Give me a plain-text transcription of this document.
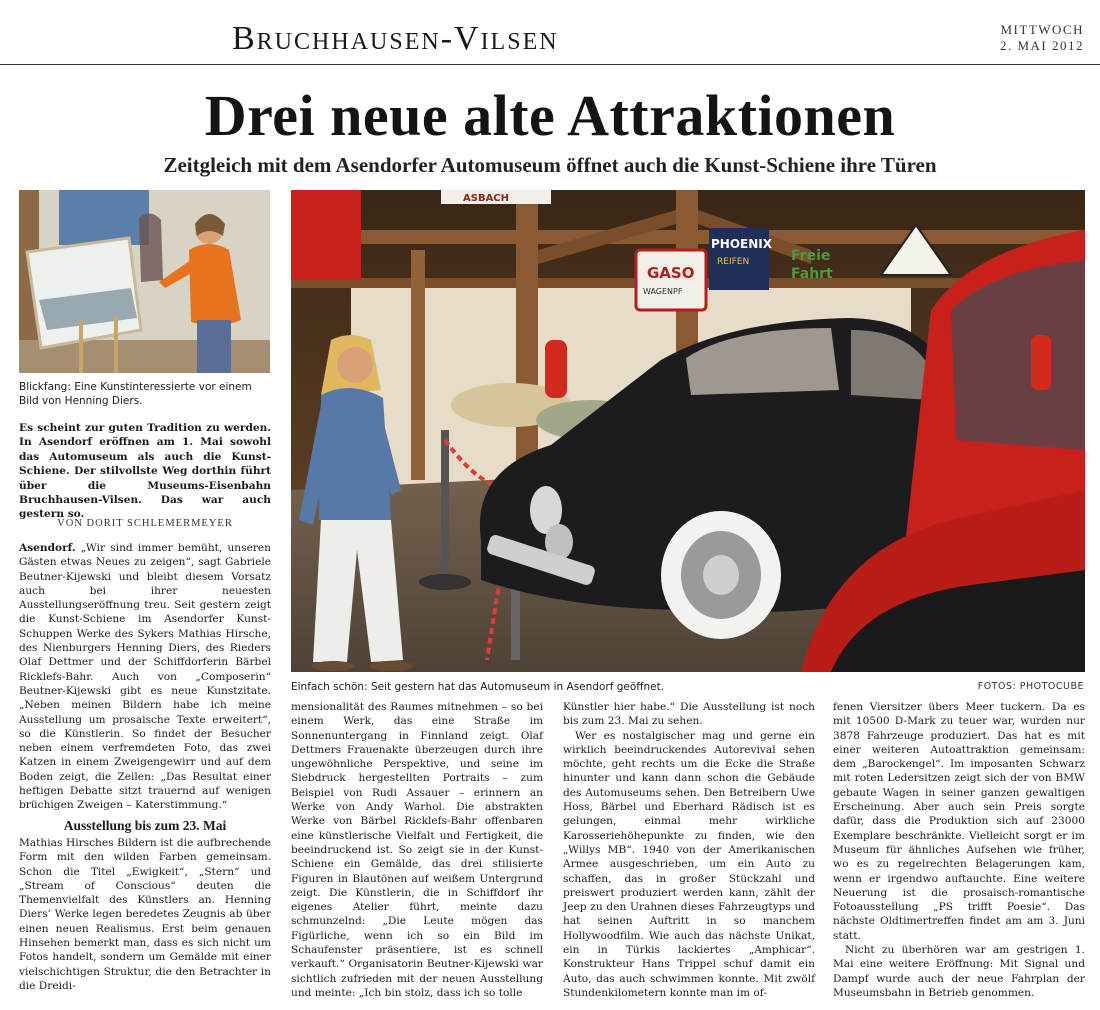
Bruchhausen-Vilsen	MITTWOCH
2. MAI 2012
Drei neue alte Attraktionen
Zeitgleich mit dem Asendorfer Automuseum öffnet auch die Kunst-Schiene ihre Türen
Blickfang: Eine Kunstinteressierte vor einem Bild von Henning Diers.
GASO
WAGENPF
PHOENIX
REIFEN	Freie
Fahrt
ASBACH
Einfach schön: Seit gestern hat das Automuseum in Asendorf geöffnet.	FOTOS: PHOTOCUBE
Es scheint zur guten Tradition zu werden. In Asendorf eröffnen am 1. Mai sowohl das Automuseum als auch die Kunst-Schiene. Der stilvollste Weg dorthin führt über die Museums-Eisenbahn Bruchhausen-Vilsen. Das war auch gestern so.
VON DORIT SCHLEMERMEYER

Asendorf. „Wir sind immer bemüht, unseren Gästen etwas Neues zu zeigen“, sagt Gabriele Beutner-Kijewski und bleibt diesem Vorsatz auch bei ihrer neuesten Ausstellungseröffnung treu. Seit gestern zeigt die Kunst-Schiene im Asendorfer Kunst-Schuppen Werke des Sykers Mathias Hirsche, des Nienburgers Henning Diers, des Rieders Olaf Dettmer und der Schiffdorferin Bärbel Ricklefs-Bahr. Auch von „Composerin“ Beutner-Kijewski gibt es neue Kunstzitate. „Neben meinen Bildern habe ich meine Ausstellung um prosaische Texte erweitert“, so die Künstlerin. So findet der Besucher neben einem verfremdeten Foto, das zwei Katzen in einem Zweigengewirr und auf dem Boden zeigt, die Zeilen: „Das Resultat einer heftigen Debatte sitzt trauernd auf wenigen brüchigen Zweigen – Katerstimmung.“

Ausstellung bis zum 23. Mai

Mathias Hirsches Bildern ist die aufbrechende Form mit den wilden Farben gemeinsam. Schon die Titel „Ewigkeit“, „Stern“ und „Stream of Conscious“ deuten die Themenvielfalt des Künstlers an. Henning Diers’ Werke legen beredetes Zeugnis ab über einen neuen Realismus. Erst beim genauen Hinsehen bemerkt man, dass es sich nicht um Fotos handelt, sondern um Gemälde mit einer vielschichtigen Struktur, die den Betrachter in die Dreidi-

mensionalität des Raumes mitnehmen – so bei einem Werk, das eine Straße im Sonnenuntergang in Finnland zeigt. Olaf Dettmers Frauenakte überzeugen durch ihre ungewöhnliche Perspektive, und seine im Siebdruck hergestellten Portraits – zum Beispiel von Rudi Assauer – erinnern an Werke von Andy Warhol. Die abstrakten Werke von Bärbel Ricklefs-Bahr offenbaren eine künstlerische Vielfalt und Fertigkeit, die beeindruckend ist. So zeigt sie in der Kunst-Schiene ein Gemälde, das drei stilisierte Figuren in Blautönen auf weißem Untergrund zeigt. Die Künstlerin, die in Schiffdorf ihr eigenes Atelier führt, meinte dazu schmunzelnd: „Die Leute mögen das Figürliche, wenn ich so ein Bild im Schaufenster präsentiere, ist es schnell verkauft.“ Organisatorin Beutner-Kijewski war sichtlich zufrieden mit der neuen Ausstellung und meinte: „Ich bin stolz, dass ich so tolle

Künstler hier habe.“ Die Ausstellung ist noch bis zum 23. Mai zu sehen.

Wer es nostalgischer mag und gerne ein wirklich beeindruckendes Autorevival sehen möchte, geht rechts um die Ecke die Straße hinunter und kann dann schon die Gebäude des Automuseums sehen. Den Betreibern Uwe Hoss, Bärbel und Eberhard Rädisch ist es gelungen, einmal mehr wirkliche Karosseriehöhepunkte zu finden, wie den „Willys MB“. 1940 von der Amerikanischen Armee ausgeschrieben, um ein Auto zu schaffen, das in großer Stückzahl und preiswert produziert werden kann, zählt der Jeep zu den Urahnen dieses Fahrzeugtyps und hat seinen Auftritt in so manchem Hollywoodfilm. Wie auch das nächste Unikat, ein in Türkis lackiertes „Amphicar“. Konstrukteur Hans Trippel schuf damit ein Auto, das auch schwimmen konnte. Mit zwölf Stundenkilometern konnte man im of-

fenen Viersitzer übers Meer tuckern. Da es mit 10500 D-Mark zu teuer war, wurden nur 3878 Fahrzeuge produziert. Das hat es mit einer weiteren Autoattraktion gemeinsam: dem „Barockengel“. Im imposanten Schwarz mit roten Ledersitzen zeigt sich der von BMW gebaute Wagen in seiner ganzen gewaltigen Erscheinung. Aber auch sein Preis sorgte dafür, dass die Produktion sich auf 23000 Exemplare beschränkte. Vielleicht sorgt er im Museum für ähnliches Aufsehen wie früher, wo es zu regelrechten Belagerungen kam, wenn er irgendwo auftauchte. Eine weitere Neuerung ist die prosaisch-romantische Fotoausstellung „PS trifft Poesie“. Das nächste Oldtimertreffen findet am am 3. Juni statt.

Nicht zu überhören war am gestrigen 1. Mai eine weitere Eröffnung: Mit Signal und Dampf wurde auch der neue Fahrplan der Museumsbahn in Betrieb genommen.
